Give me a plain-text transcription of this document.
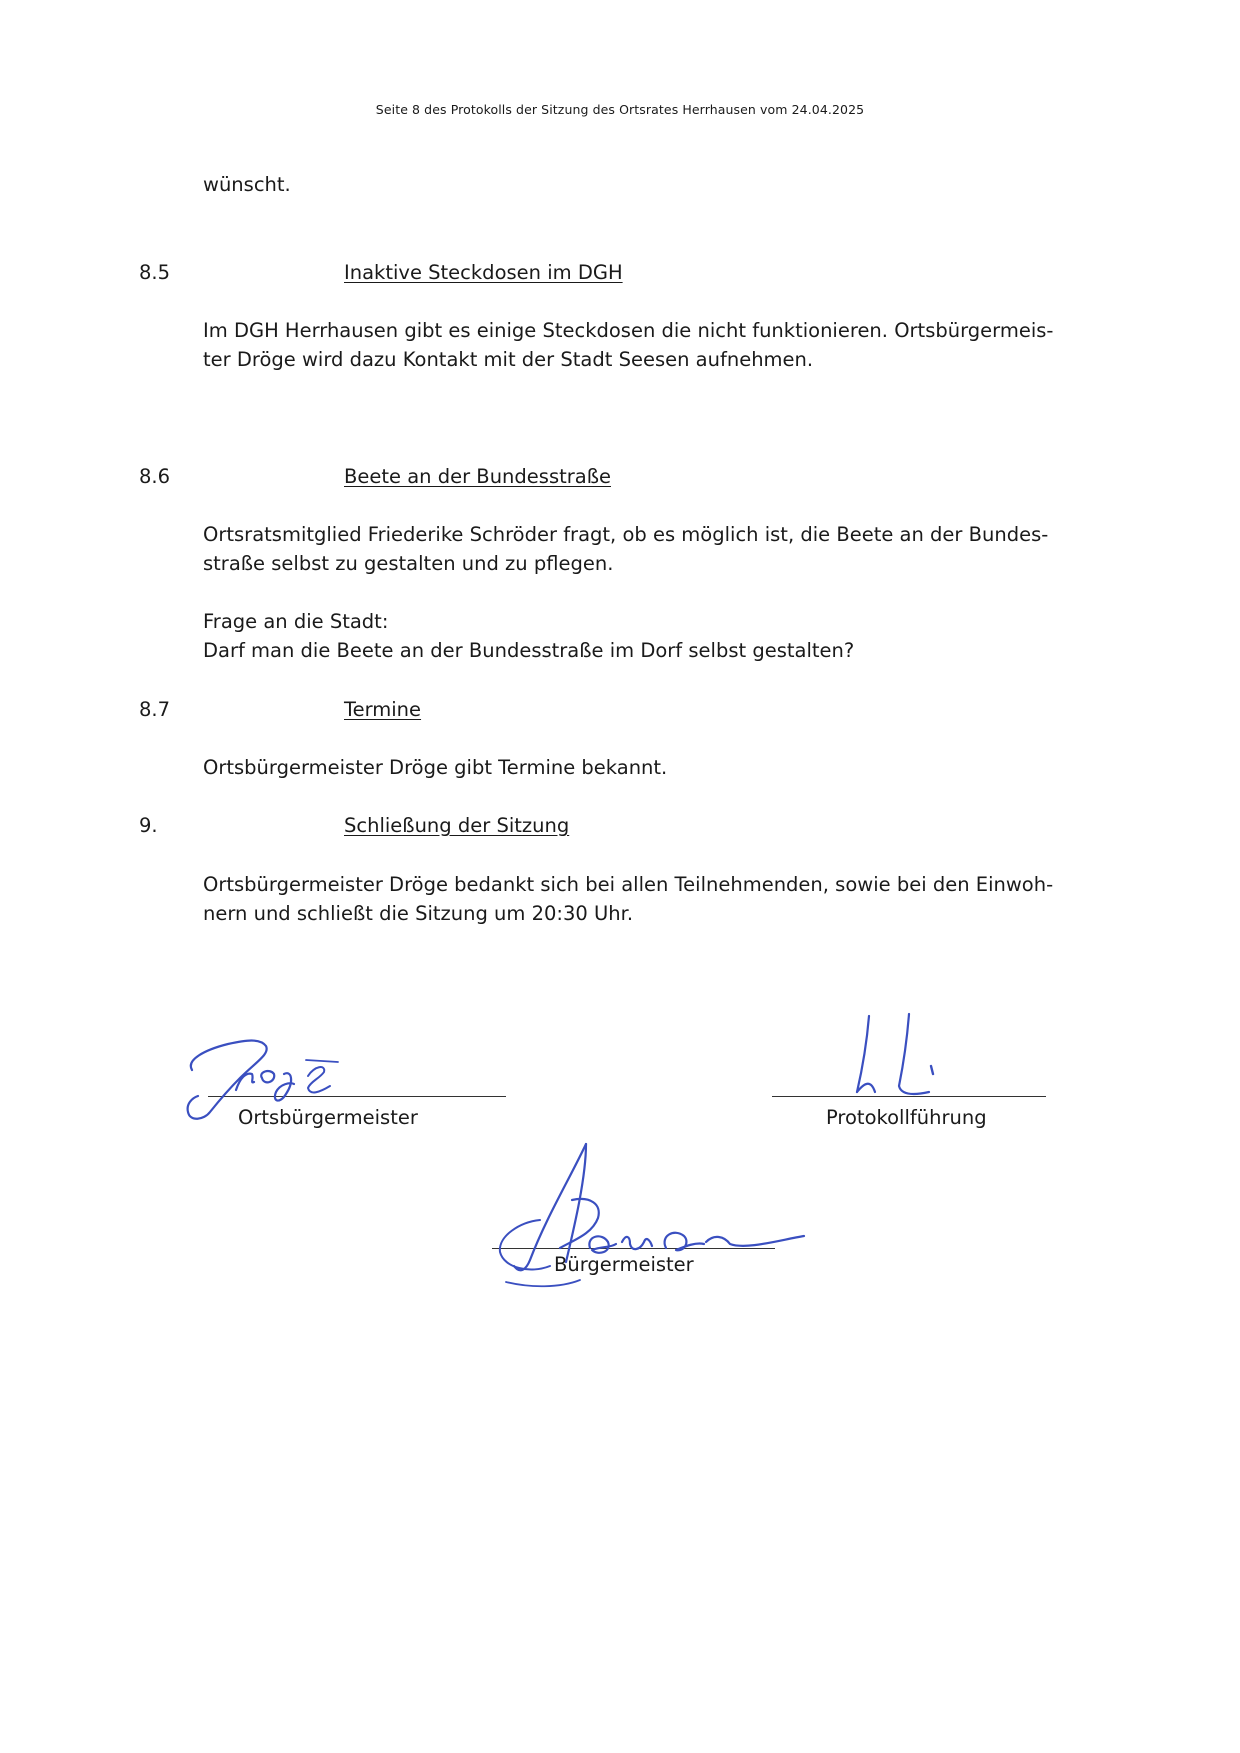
Seite 8 des Protokolls der Sitzung des Ortsrates Herrhausen vom 24.04.2025
wünscht.
8.5	Inaktive Steckdosen im DGH
Im DGH Herrhausen gibt es einige Steckdosen die nicht funktionieren. Ortsbürgermeis-
ter Dröge wird dazu Kontakt mit der Stadt Seesen aufnehmen.
8.6	Beete an der Bundesstraße
Ortsratsmitglied Friederike Schröder fragt, ob es möglich ist, die Beete an der Bundes-
straße selbst zu gestalten und zu pflegen.
Frage an die Stadt:
Darf man die Beete an der Bundesstraße im Dorf selbst gestalten?
8.7	Termine
Ortsbürgermeister Dröge gibt Termine bekannt.
9.	Schließung der Sitzung
Ortsbürgermeister Dröge bedankt sich bei allen Teilnehmenden, sowie bei den Einwoh-
nern und schließt die Sitzung um 20:30 Uhr.
Ortsbürgermeister	Protokollführung
Bürgermeister
